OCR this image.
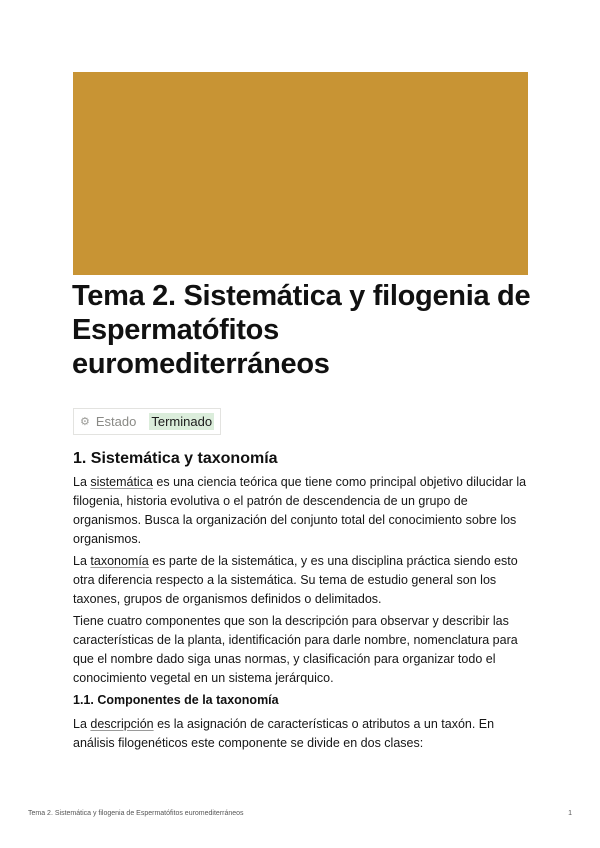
Tema 2. Sistemática y filogenia de Espermatófitos euromediterráneos
⚙ Estado Terminado
1. Sistemática y taxonomía

La sistemática es una ciencia teórica que tiene como principal objetivo dilucidar la filogenia, historia evolutiva o el patrón de descendencia de un grupo de organismos. Busca la organización del conjunto total del conocimiento sobre los organismos.

La taxonomía es parte de la sistemática, y es una disciplina práctica siendo esto otra diferencia respecto a la sistemática. Su tema de estudio general son los taxones, grupos de organismos definidos o delimitados.

Tiene cuatro componentes que son la descripción para observar y describir las características de la planta, identificación para darle nombre, nomenclatura para que el nombre dado siga unas normas, y clasificación para organizar todo el conocimiento vegetal en un sistema jerárquico.

1.1. Componentes de la taxonomía

La descripción es la asignación de características o atributos a un taxón. En análisis filogenéticos este componente se divide en dos clases:

Tema 2. Sistemática y filogenia de Espermatófitos euromediterráneos	1
